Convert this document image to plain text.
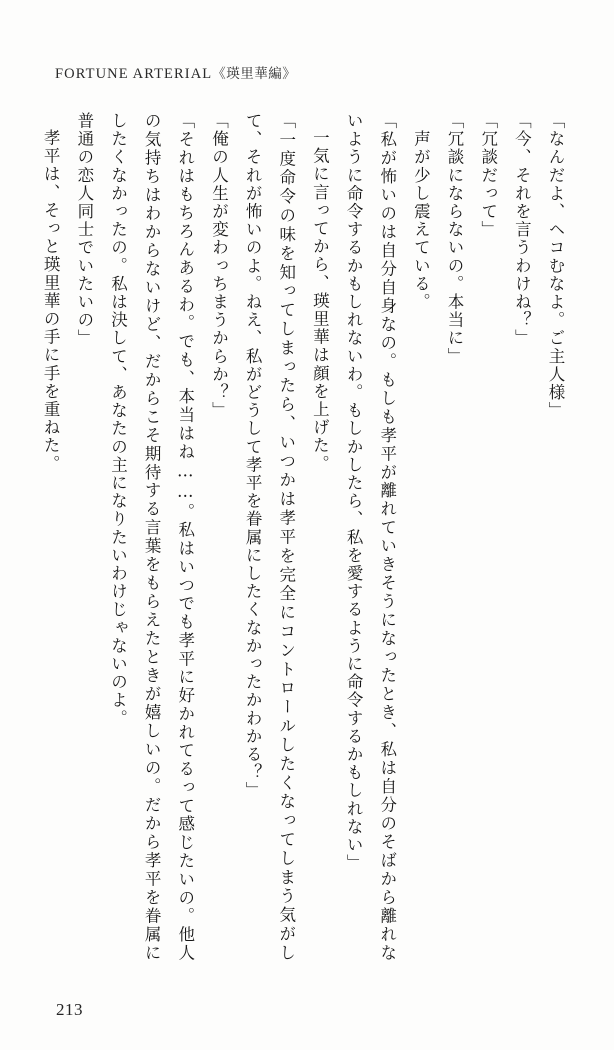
FORTUNE ARTERIAL《瑛里華編》

「なんだよ、ヘコむなよ。ご主人様」

「今、それを言うわけね？」

「冗談だって」

「冗談にならないの。本当に」

　声が少し震えている。

「私が怖いのは自分自身なの。もしも孝平が離れていきそうになったとき、私は自分のそばから離れないように命令するかもしれないわ。もしかしたら、私を愛するように命令するかもしれない」

一気に言ってから、瑛里華は顔を上げた。

「一度命令の味を知ってしまったら、いつかは孝平を完全にコントロールしたくなってしまう気がして、それが怖いのよ。ねえ、私がどうして孝平を眷属にしたくなかったかわかる？」

「俺の人生が変わっちまうからか？」

「それはもちろんあるわ。でも、本当はね……。私はいつでも孝平に好かれてるって感じたいの。他人の気持ちはわからないけど、だからこそ期待する言葉をもらえたときが嬉しいの。だから孝平を眷属にしたくなかったの。私は決して、あなたの主になりたいわけじゃないのよ。

普通の恋人同士でいたいの」

孝平は、そっと瑛里華の手に手を重ねた。

213
